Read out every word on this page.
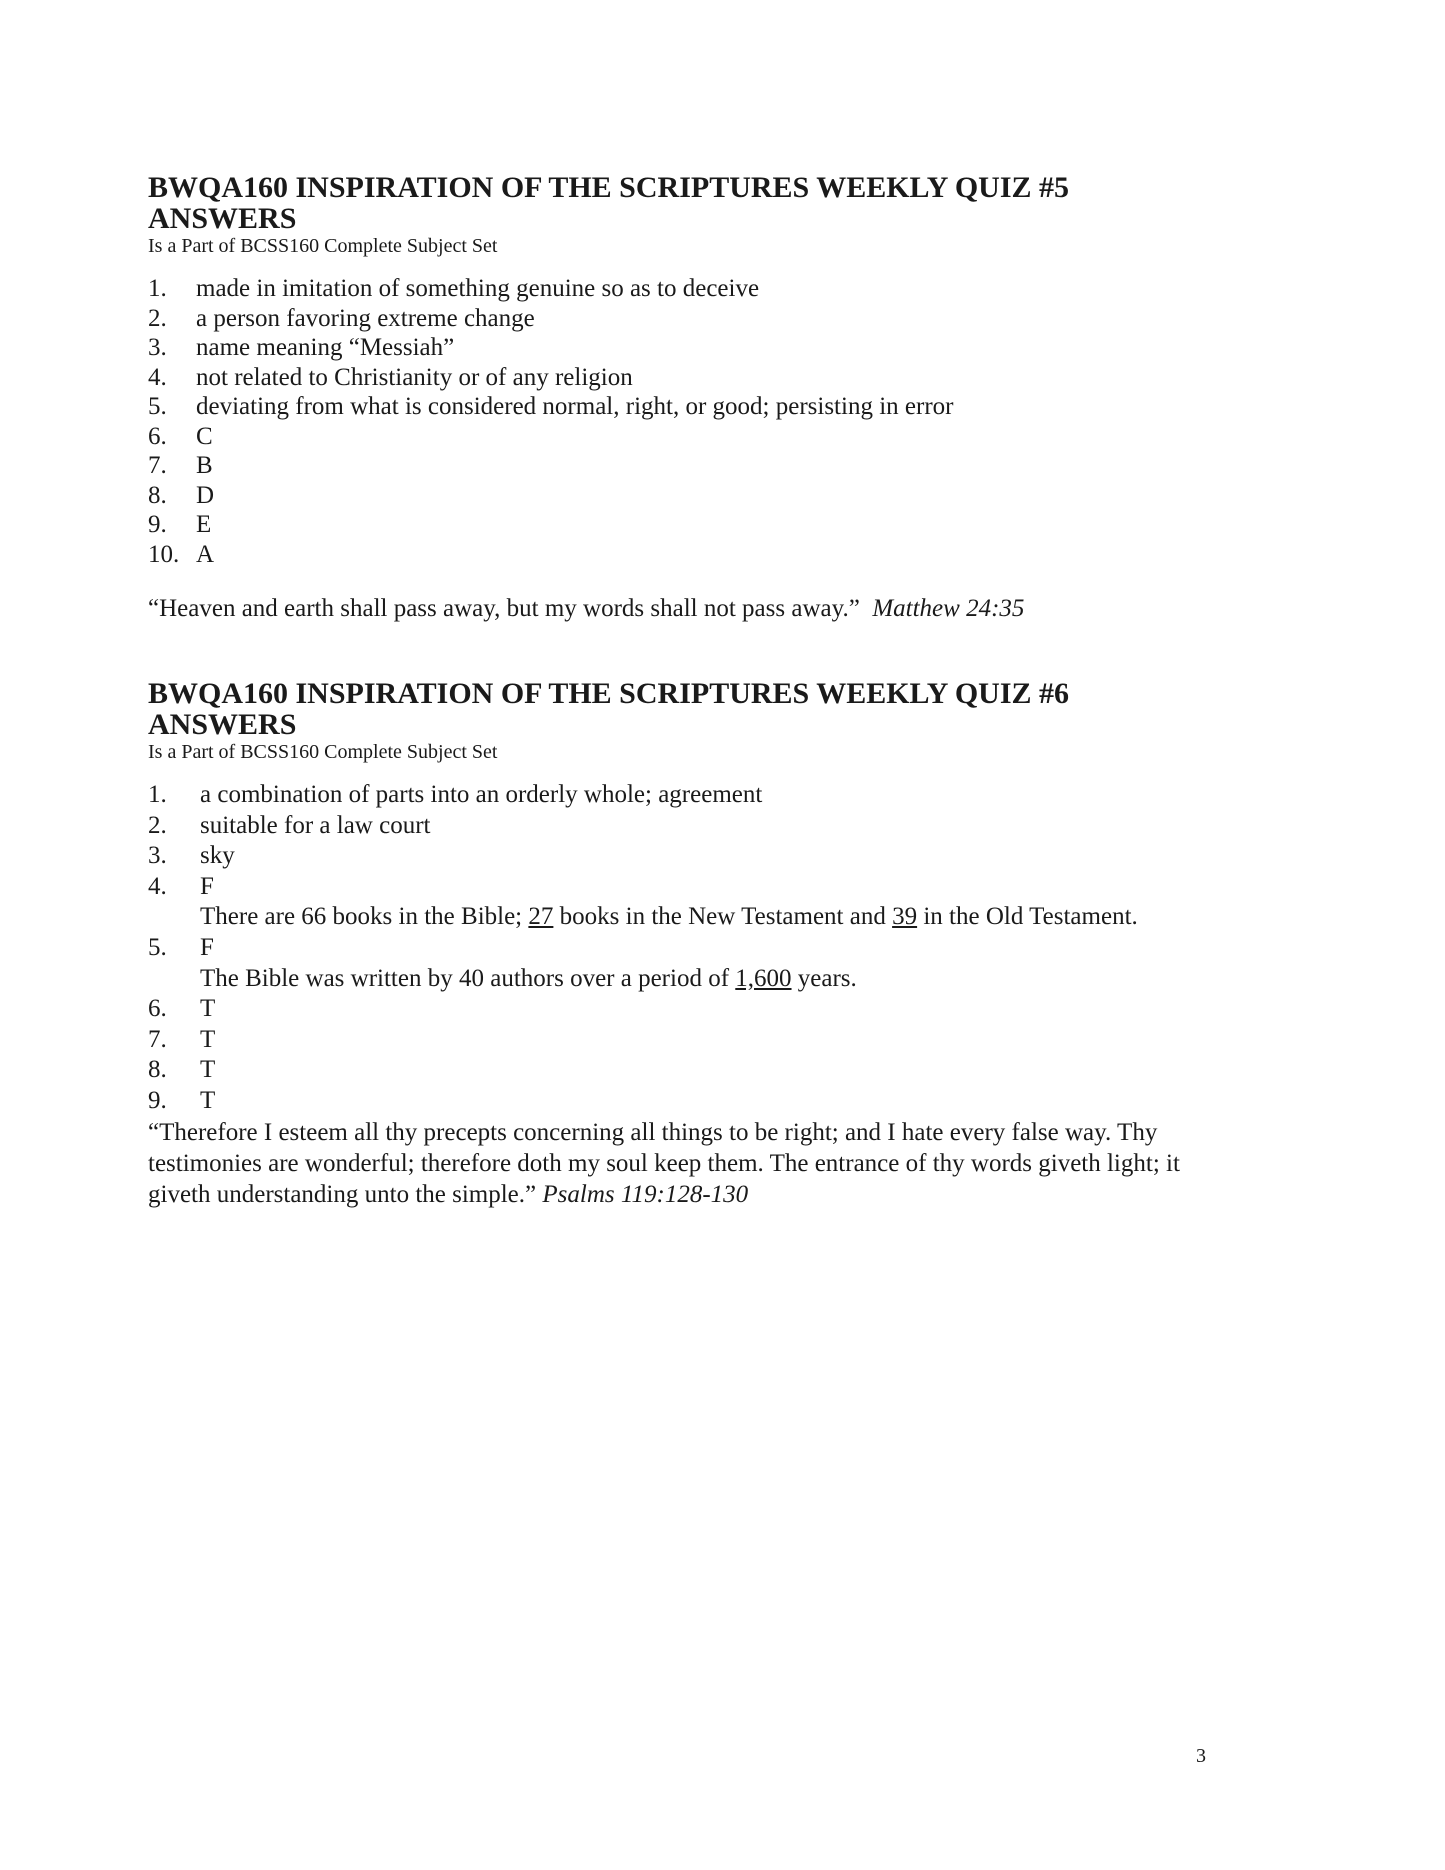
BWQA160 INSPIRATION OF THE SCRIPTURES WEEKLY QUIZ #5
ANSWERS

Is a Part of BCSS160 Complete Subject Set

1.	made in imitation of something genuine so as to deceive
2.	a person favoring extreme change
3.	name meaning “Messiah”
4.	not related to Christianity or of any religion
5.	deviating from what is considered normal, right, or good; persisting in error
6.	C
7.	B
8.	D
9.	E
10. A

“Heaven and earth shall pass away, but my words shall not pass away.” Matthew 24:35

BWQA160 INSPIRATION OF THE SCRIPTURES WEEKLY QUIZ #6
ANSWERS

Is a Part of BCSS160 Complete Subject Set

1.	a combination of parts into an orderly whole; agreement
2.	suitable for a law court
3.	sky
4.	F
There are 66 books in the Bible; 27 books in the New Testament and 39 in the Old Testament.
5.	F
The Bible was written by 40 authors over a period of 1,600 years.
6.	T
7.	T
8.	T
9.	T

“Therefore I esteem all thy precepts concerning all things to be right; and I hate every false way. Thy testimonies are wonderful; therefore doth my soul keep them. The entrance of thy words giveth light; it giveth understanding unto the simple.” Psalms 119:128-130

3
